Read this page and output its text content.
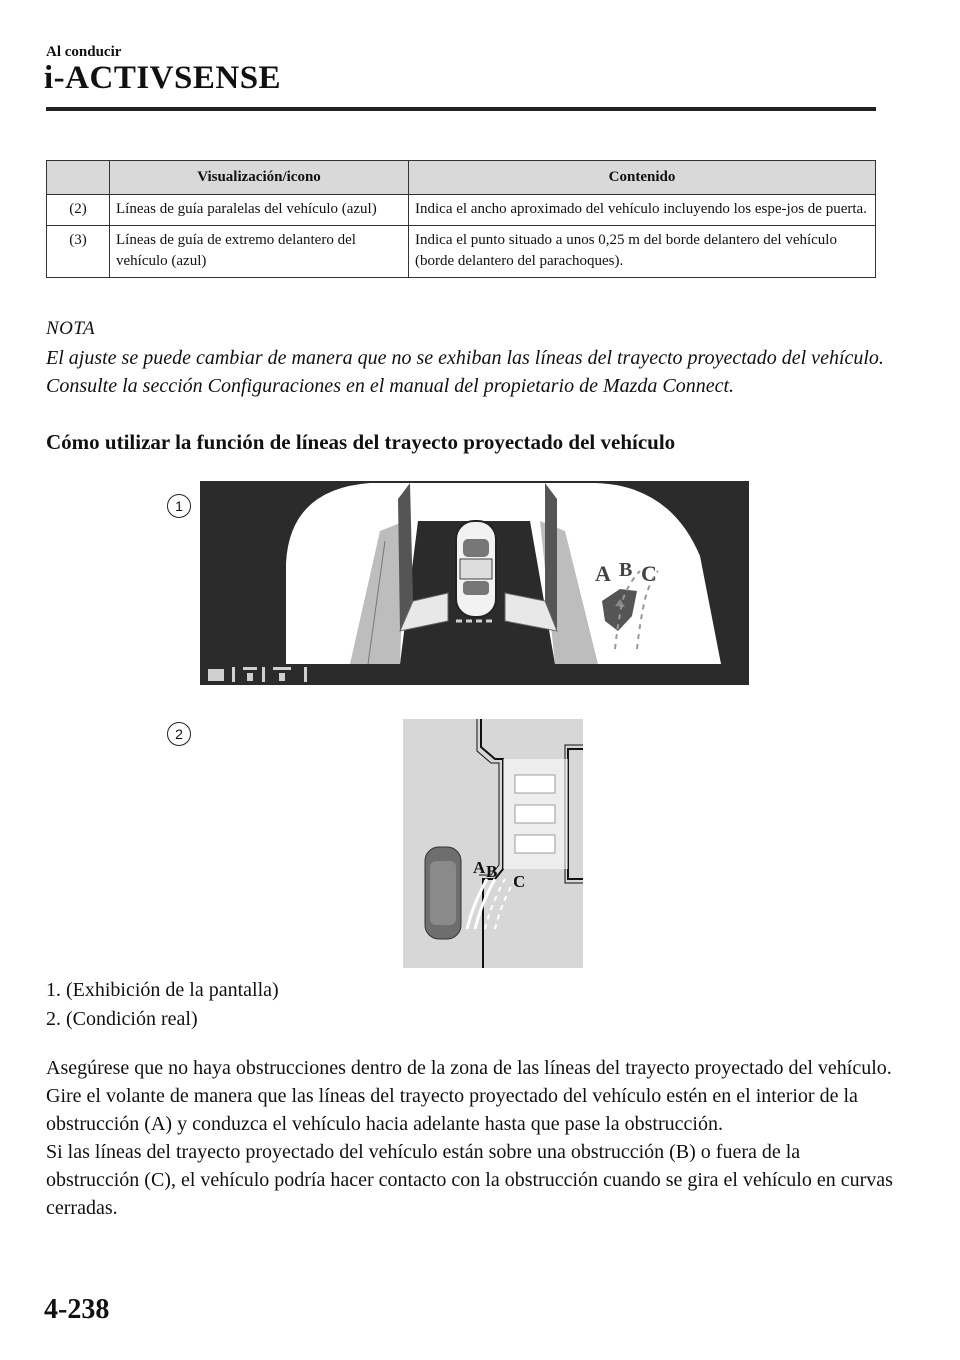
Al conducir
i-ACTIVSENSE
	Visualización/icono	Contenido
(2)	Líneas de guía paralelas del vehículo (azul)	Indica el ancho aproximado del vehículo incluyendo los espe-jos de puerta.
(3)	Líneas de guía de extremo delantero del vehículo (azul)	Indica el punto situado a unos 0,25 m del borde delantero del vehículo (borde delantero del parachoques).
NOTA

El ajuste se puede cambiar de manera que no se exhiban las líneas del trayecto proyectado del vehículo.

Consulte la sección Configuraciones en el manual del propietario de Mazda Connect.

Cómo utilizar la función de líneas del trayecto proyectado del vehículo
1
2
A B C
A B
C
1. (Exhibición de la pantalla)
2. (Condición real)

Asegúrese que no haya obstrucciones dentro de la zona de las líneas del trayecto proyectado del vehículo.

Gire el volante de manera que las líneas del trayecto proyectado del vehículo estén en el interior de la obstrucción (A) y conduzca el vehículo hacia adelante hasta que pase la obstrucción.

Si las líneas del trayecto proyectado del vehículo están sobre una obstrucción (B) o fuera de la obstrucción (C), el vehículo podría hacer contacto con la obstrucción cuando se gira el vehículo en curvas cerradas.

4-238
